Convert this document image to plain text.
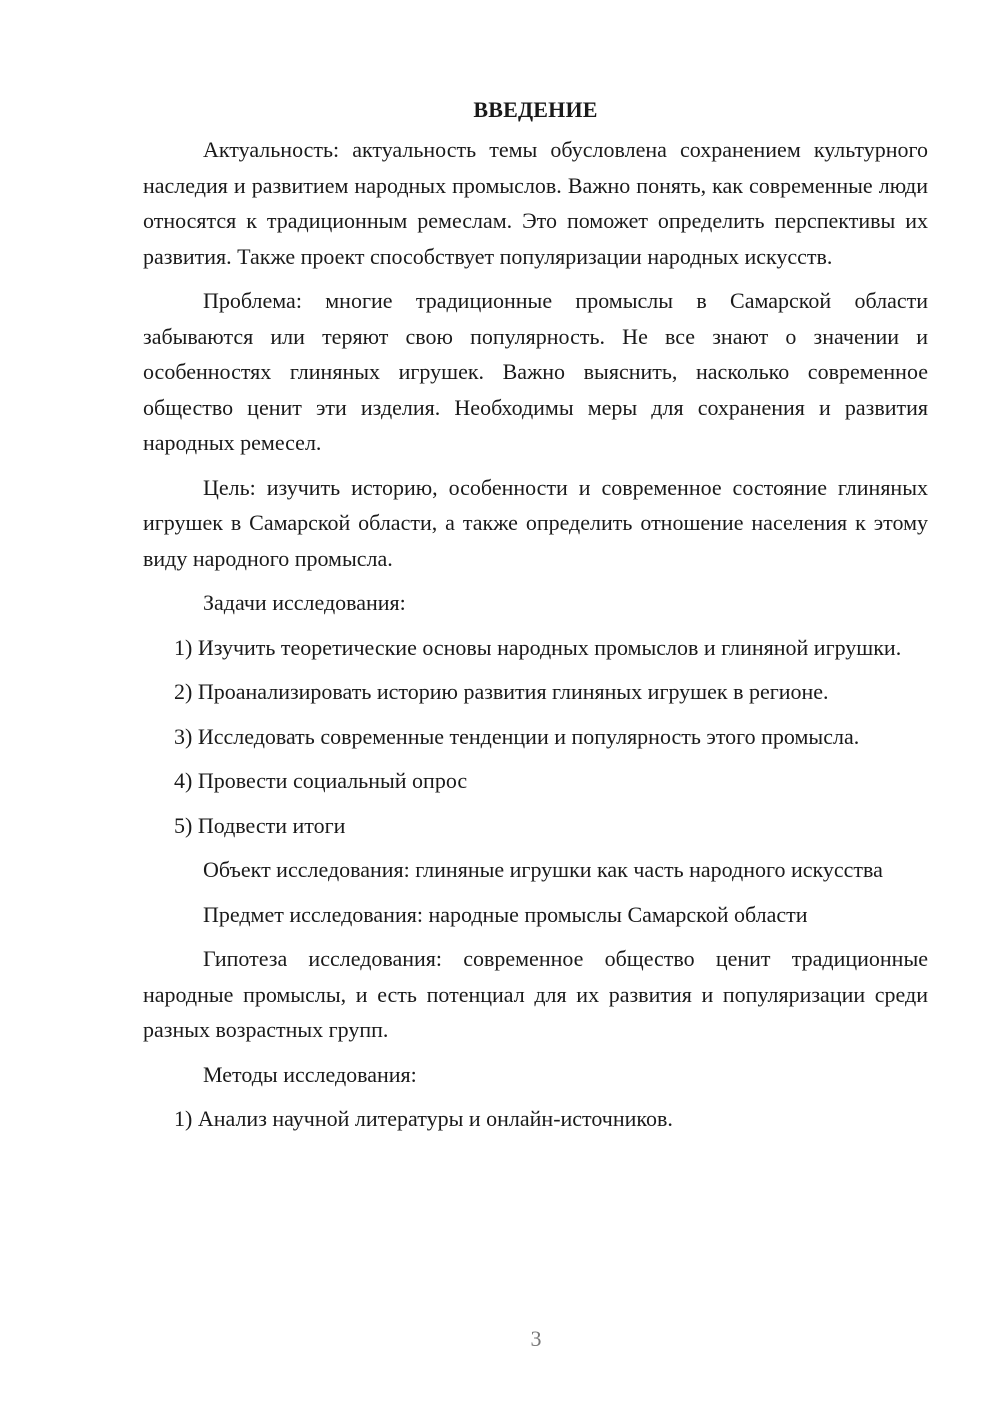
ВВЕДЕНИЕ

Актуальность: актуальность темы обусловлена сохранением культурного наследия и развитием народных промыслов. Важно понять, как современные люди относятся к традиционным ремеслам. Это поможет определить перспективы их развития. Также проект способствует популяризации народных искусств.

Проблема: многие традиционные промыслы в Самарской области забываются или теряют свою популярность. Не все знают о значении и особенностях глиняных игрушек. Важно выяснить, насколько современное общество ценит эти изделия. Необходимы меры для сохранения и развития народных ремесел.

Цель: изучить историю, особенности и современное состояние глиняных игрушек в Самарской области, а также определить отношение населения к этому виду народного промысла.

Задачи исследования:

1) Изучить теоретические основы народных промыслов и глиняной игрушки.

2) Проанализировать историю развития глиняных игрушек в регионе.

3) Исследовать современные тенденции и популярность этого промысла.

4) Провести социальный опрос

5) Подвести итоги

Объект исследования: глиняные игрушки как часть народного искусства

Предмет исследования: народные промыслы Самарской области

Гипотеза исследования: современное общество ценит традиционные народные промыслы, и есть потенциал для их развития и популяризации среди разных возрастных групп.

Методы исследования:

1) Анализ научной литературы и онлайн-источников.

3
